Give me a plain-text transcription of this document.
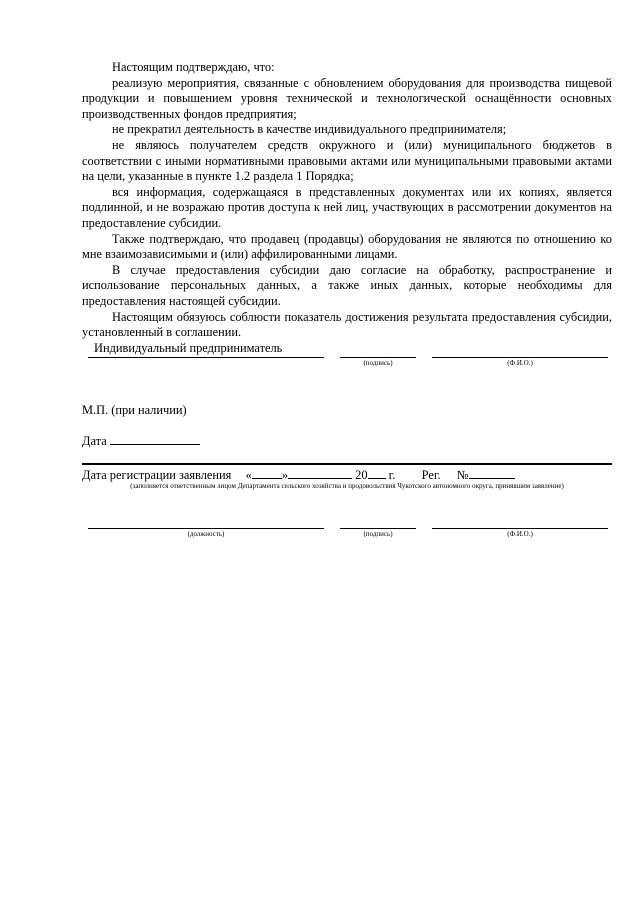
Настоящим подтверждаю, что:

реализую мероприятия, связанные с обновлением оборудования для производства пищевой продукции и повышением уровня технической и технологической оснащённости основных производственных фондов предприятия;

не прекратил деятельность в качестве индивидуального предпринимателя;

не являюсь получателем средств окружного и (или) муниципального бюджетов в соответствии с иными нормативными правовыми актами или муниципальными правовыми актами на цели, указанные в пункте 1.2 раздела 1 Порядка;

вся информация, содержащаяся в представленных документах или их копиях, является подлинной, и не возражаю против доступа к ней лиц, участвующих в рассмотрении документов на предоставление субсидии.

Также подтверждаю, что продавец (продавцы) оборудования не являются по отношению ко мне взаимозависимыми и (или) аффилированными лицами.

В случае предоставления субсидии даю согласие на обработку, распространение и использование персональных данных, а также иных данных, которые необходимы для предоставления настоящей субсидии.

Настоящим обязуюсь соблюсти показатель достижения результата предоставления субсидии, установленный в соглашении.

Индивидуальный предприниматель
(подпись)	(Ф.И.О.)
М.П. (при наличии)
Дата
Дата регистрации заявления « »	20 г. Рег. №
(заполняется ответственным лицом Департамента сельского хозяйства и продовольствия Чукотского автономного округа, принявшим заявление)
(должность)	(подпись)	(Ф.И.О.)
